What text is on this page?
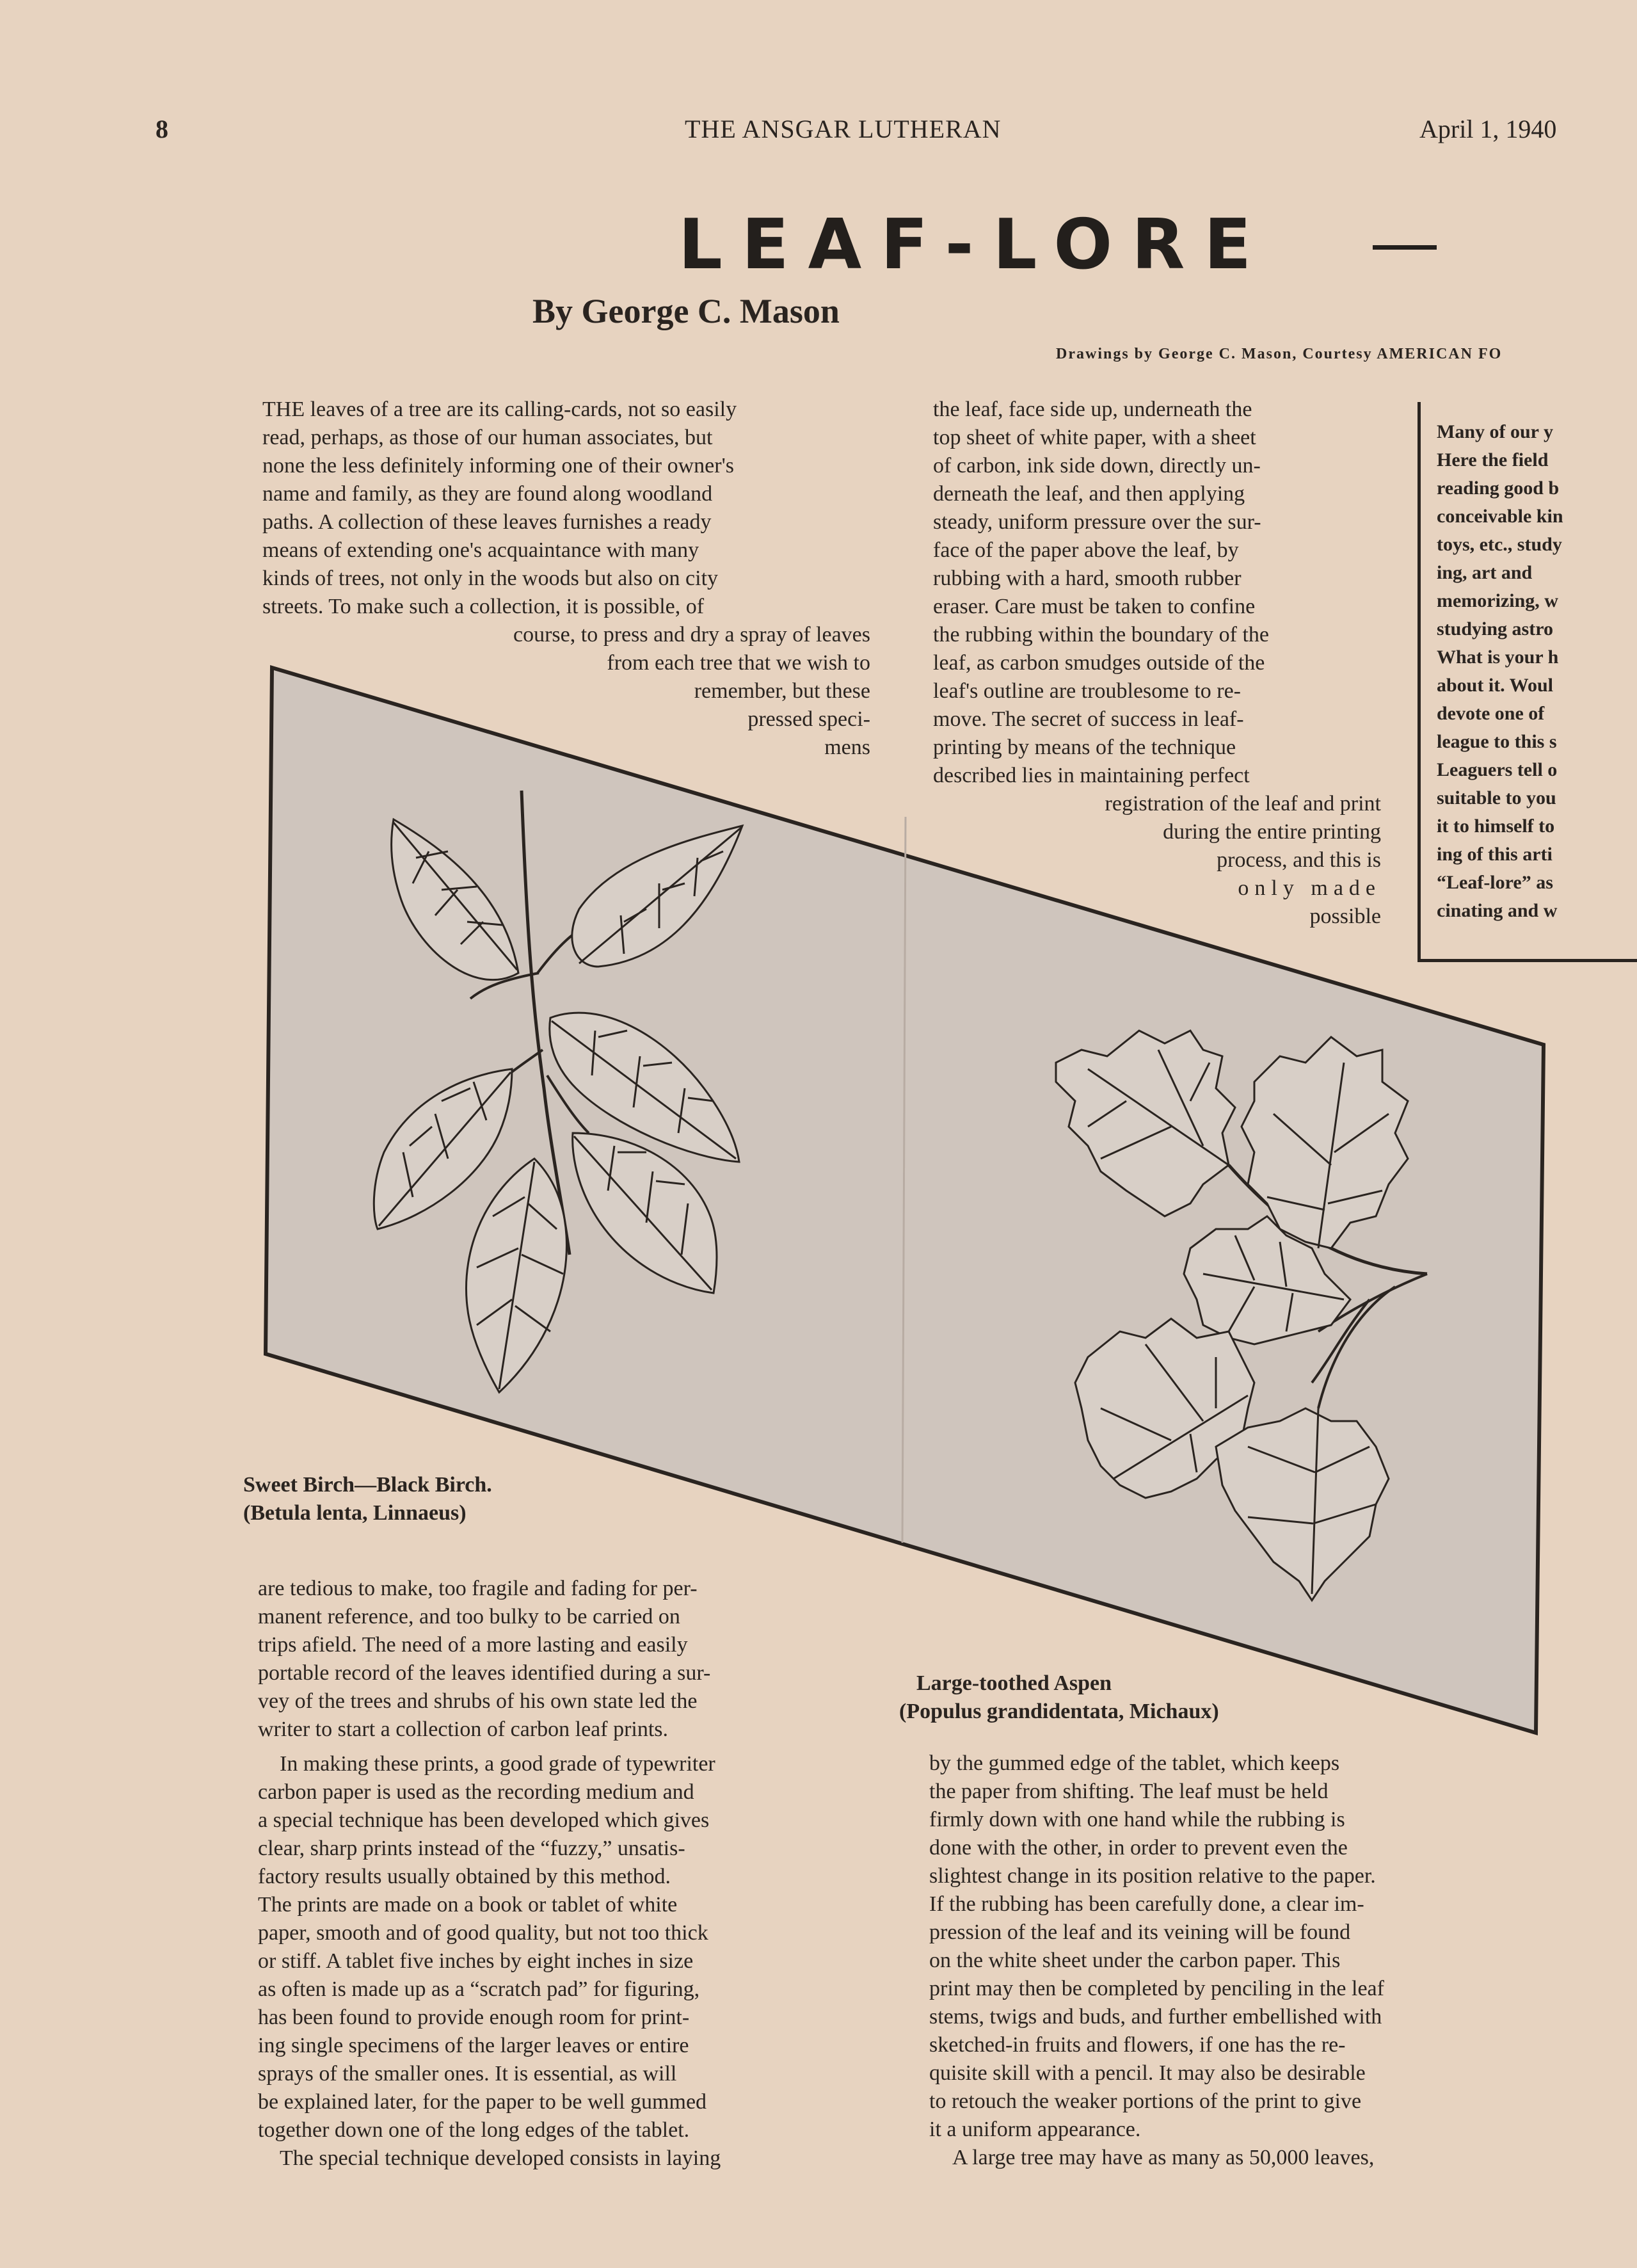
8	THE ANSGAR LUTHERAN	April 1, 1940
LEAF-LORE
By George C. Mason
Drawings by George C. Mason, Courtesy AMERICAN FO
THE leaves of a tree are its calling-cards, not so easily
read, perhaps, as those of our human associates, but
none the less definitely informing one of their owner's
name and family, as they are found along woodland
paths. A collection of these leaves furnishes a ready
means of extending one's acquaintance with many
kinds of trees, not only in the woods but also on city
streets. To make such a collection, it is possible, of
course, to press and dry a spray of leaves
from each tree that we wish to
remember, but these
pressed speci-
mens
the leaf, face side up, underneath the
top sheet of white paper, with a sheet
of carbon, ink side down, directly un-
derneath the leaf, and then applying
steady, uniform pressure over the sur-
face of the paper above the leaf, by
rubbing with a hard, smooth rubber
eraser. Care must be taken to confine
the rubbing within the boundary of the
leaf, as carbon smudges outside of the
leaf's outline are troublesome to re-
move. The secret of success in leaf-
printing by means of the technique
described lies in maintaining perfect
registration of the leaf and print
during the entire printing
process, and this is
only made
possible
Many of our y
Here the field
reading good b
conceivable kin
toys, etc., study
ing, art and
memorizing, w
studying astro
What is your h
about it. Woul
devote one of
league to this s
Leaguers tell o
suitable to you
it to himself to
ing of this arti
“Leaf-lore” as
cinating and w
Sweet Birch—Black Birch.
(Betula lenta, Linnaeus)
Large-toothed Aspen
(Populus grandidentata, Michaux)

are tedious to make, too fragile and fading for per-
manent reference, and too bulky to be carried on
trips afield. The need of a more lasting and easily
portable record of the leaves identified during a sur-
vey of the trees and shrubs of his own state led the
writer to start a collection of carbon leaf prints.

In making these prints, a good grade of typewriter
carbon paper is used as the recording medium and
a special technique has been developed which gives
clear, sharp prints instead of the “fuzzy,” unsatis-
factory results usually obtained by this method.
The prints are made on a book or tablet of white
paper, smooth and of good quality, but not too thick
or stiff. A tablet five inches by eight inches in size
as often is made up as a “scratch pad” for figuring,
has been found to provide enough room for print-
ing single specimens of the larger leaves or entire
sprays of the smaller ones. It is essential, as will
be explained later, for the paper to be well gummed
together down one of the long edges of the tablet.

The special technique developed consists in laying

by the gummed edge of the tablet, which keeps
the paper from shifting. The leaf must be held
firmly down with one hand while the rubbing is
done with the other, in order to prevent even the
slightest change in its position relative to the paper.
If the rubbing has been carefully done, a clear im-
pression of the leaf and its veining will be found
on the white sheet under the carbon paper. This
print may then be completed by penciling in the leaf
stems, twigs and buds, and further embellished with
sketched-in fruits and flowers, if one has the re-
quisite skill with a pencil. It may also be desirable
to retouch the weaker portions of the print to give
it a uniform appearance.

A large tree may have as many as 50,000 leaves,
